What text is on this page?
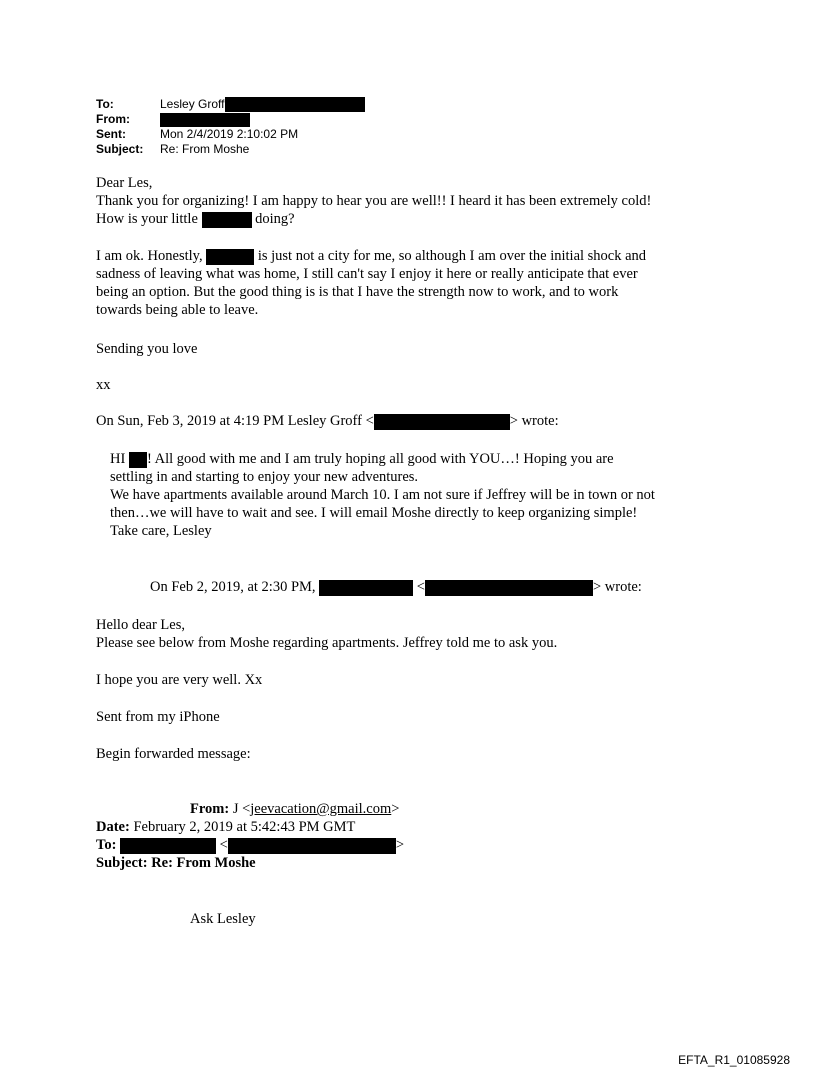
To:	Lesley Groff
From:
Sent:	Mon 2/4/2019 2:10:02 PM
Subject: Re: From Moshe
Dear Les,
Thank you for organizing! I am happy to hear you are well!! I heard it has been extremely cold!
How is your little	doing?
I am ok. Honestly,	is just not a city for me, so although I am over the initial shock and
sadness of leaving what was home, I still can't say I enjoy it here or really anticipate that ever
being an option. But the good thing is is that I have the strength now to work, and to work
towards being able to leave.
Sending you love
xx
On Sun, Feb 3, 2019 at 4:19 PM Lesley Groff <	> wrote:
HI ! All good with me and I am truly hoping all good with YOU…! Hoping you are
settling in and starting to enjoy your new adventures.
We have apartments available around March 10. I am not sure if Jeffrey will be in town or not
then…we will have to wait and see. I will email Moshe directly to keep organizing simple!
Take care, Lesley
On Feb 2, 2019, at 2:30 PM,	<	> wrote:
Hello dear Les,
Please see below from Moshe regarding apartments. Jeffrey told me to ask you.
I hope you are very well. Xx
Sent from my iPhone
Begin forwarded message:
From: J <jeevacation@gmail.com>
Date: February 2, 2019 at 5:42:43 PM GMT
To:	<	>
Subject: Re: From Moshe
Ask Lesley
EFTA_R1_01085928
